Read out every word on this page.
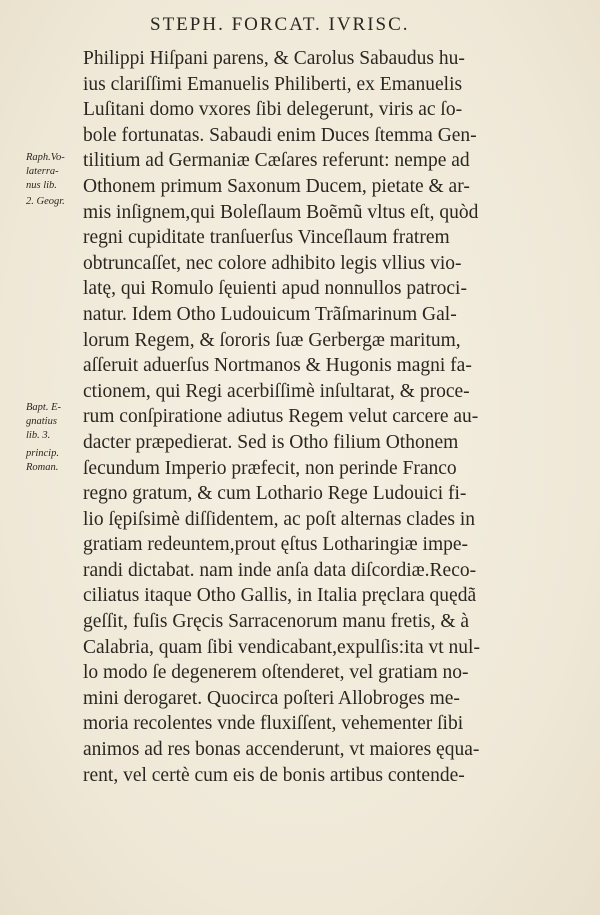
STEPH. FORCAT. IVRISC.
Raph.Vo-
laterra-
nus lib.
2. Geogr.
Bapt. E-
gnatius
lib. 3.
princip.
Roman.
Philippi Hiſpani parens, & Carolus Sabaudus hu-
ius clariſſimi Emanuelis Philiberti, ex Emanuelis
Luſitani domo vxores ſibi delegerunt, viris ac ſo-
bole fortunatas. Sabaudi enim Duces ſtemma Gen-
tilitium ad Germaniæ Cæſares referunt: nempe ad
Othonem primum Saxonum Ducem, pietate & ar-
mis inſignem,qui Boleſlaum Boẽmũ vltus eſt, quòd
regni cupiditate tranſuerſus Vinceſlaum fratrem
obtruncaſſet, nec colore adhibito legis vllius vio-
latę, qui Romulo ſęuienti apud nonnullos patroci-
natur. Idem Otho Ludouicum Trãſmarinum Gal-
lorum Regem, & ſororis ſuæ Gerbergæ maritum,
aſſeruit aduerſus Nortmanos & Hugonis magni fa-
ctionem, qui Regi acerbiſſimè inſultarat, & proce-
rum conſpiratione adiutus Regem velut carcere au-
dacter præpedierat. Sed is Otho filium Othonem
ſecundum Imperio præfecit, non perinde Franco
regno gratum, & cum Lothario Rege Ludouici fi-
lio ſępiſsimè diſſidentem, ac poſt alternas clades in
gratiam redeuntem,prout ęſtus Lotharingiæ impe-
randi dictabat. nam inde anſa data diſcordiæ.Reco-
ciliatus itaque Otho Gallis, in Italia pręclara quędã
geſſit, fuſis Gręcis Sarracenorum manu fretis, & à
Calabria, quam ſibi vendicabant,expulſis:ita vt nul-
lo modo ſe degenerem oſtenderet, vel gratiam no-
mini derogaret. Quocirca poſteri Allobroges me-
moria recolentes vnde fluxiſſent, vehementer ſibi
animos ad res bonas accenderunt, vt maiores ęqua-
rent, vel certè cum eis de bonis artibus contende-
